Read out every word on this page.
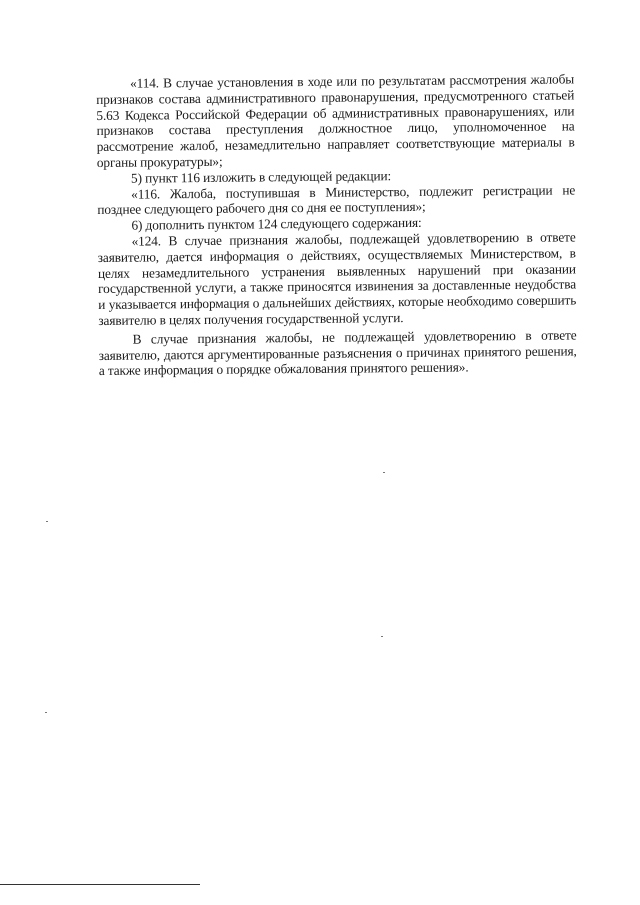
«114. В случае установления в ходе или по результатам рассмотрения жалобы признаков состава административного правонарушения, предусмотренного статьей 5.63 Кодекса Российской Федерации об административных правонарушениях, или признаков состава преступления должностное лицо, уполномоченное на рассмотрение жалоб, незамедлительно направляет соответствующие материалы в органы прокуратуры»;

5) пункт 116 изложить в следующей редакции:

«116. Жалоба, поступившая в Министерство, подлежит регистрации не позднее следующего рабочего дня со дня ее поступления»;

6) дополнить пунктом 124 следующего содержания:

«124. В случае признания жалобы, подлежащей удовлетворению в ответе заявителю, дается информация о действиях, осуществляемых Министерством, в целях незамедлительного устранения выявленных нарушений при оказании государственной услуги, а также приносятся извинения за доставленные неудобства и указывается информация о дальнейших действиях, которые необходимо совершить заявителю в целях получения государственной услуги.

В случае признания жалобы, не подлежащей удовлетворению в ответе заявителю, даются аргументированные разъяснения о причинах принятого решения, а также информация о порядке обжалования принятого решения».
